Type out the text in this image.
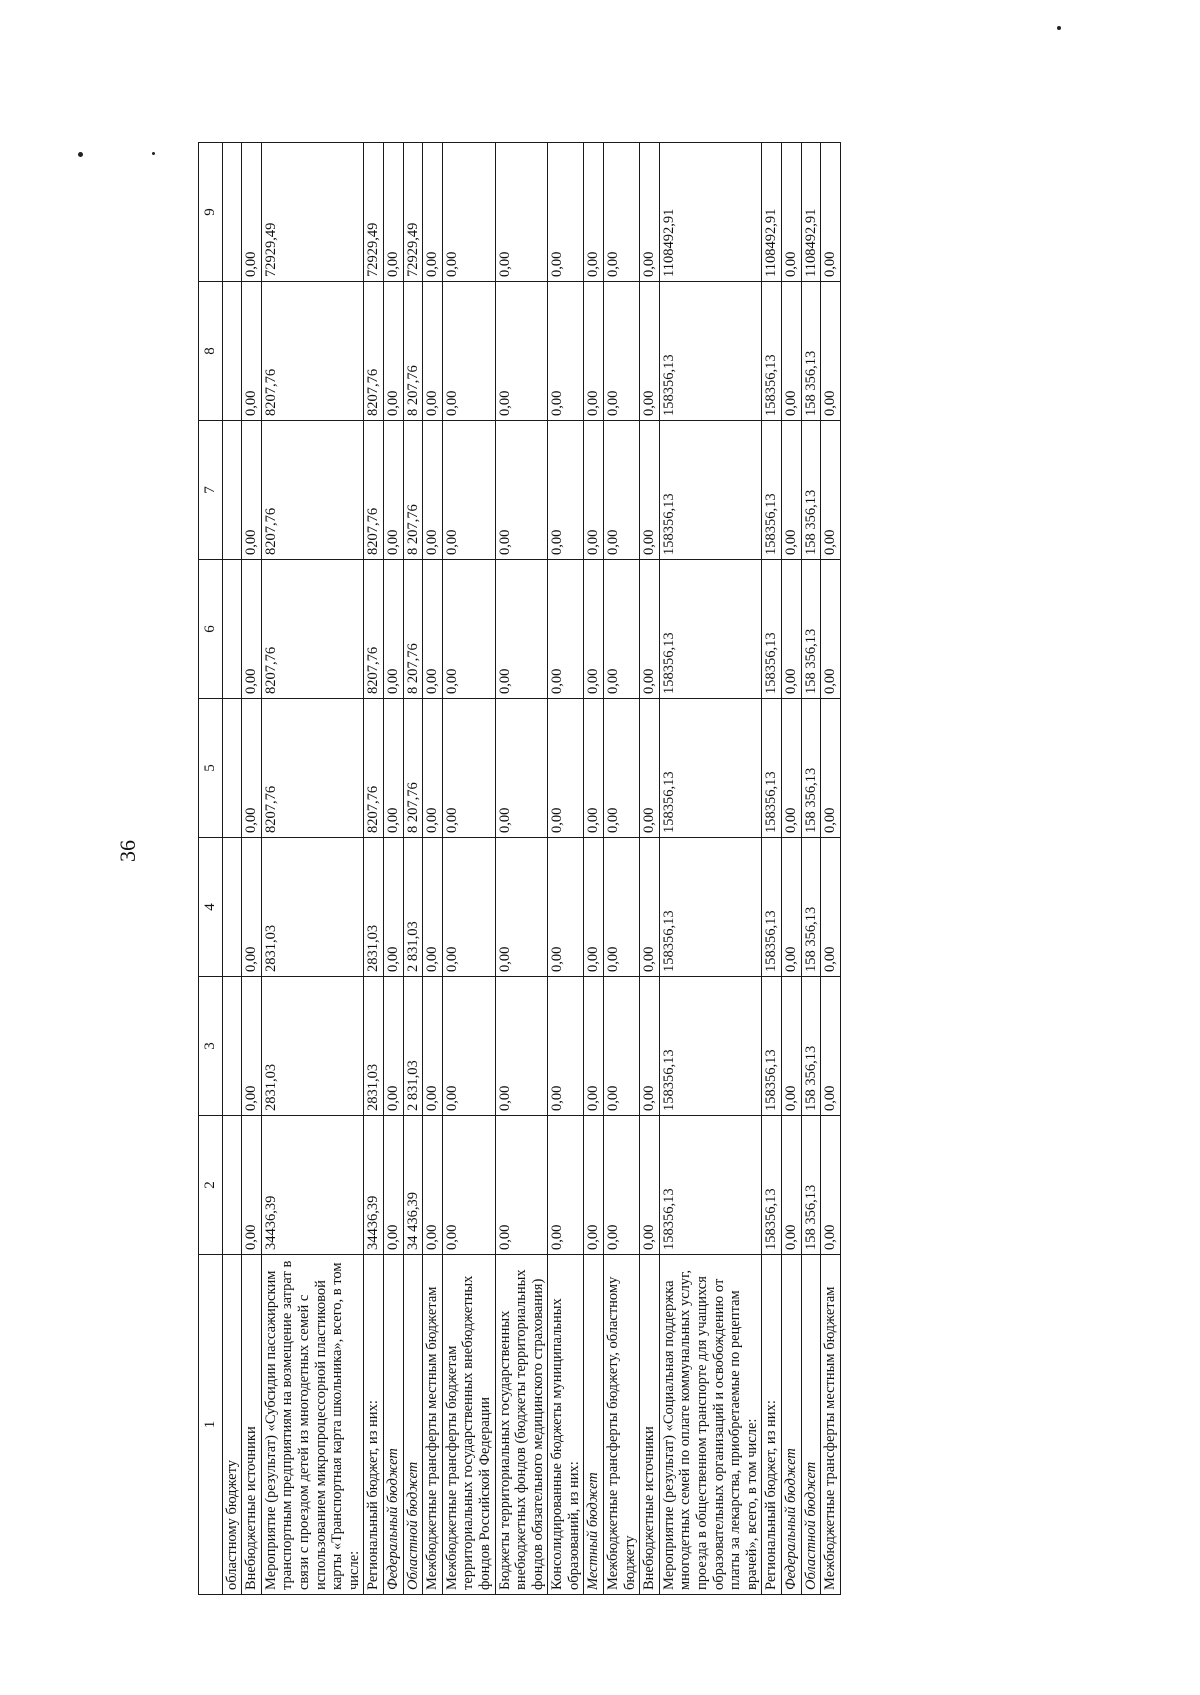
36
1	2	3	4	5	6	7	8	9
областному бюджету								
Внебюджетные источники	0,00	0,00	0,00	0,00	0,00	0,00	0,00	0,00
Мероприятие (результат) «Субсидии пассажирским транспортным предприятиям на возмещение затрат в связи с проездом детей из многодетных семей с использованием микропроцессорной пластиковой карты «Транспортная карта школьника», всего, в том числе:	34436,39	2831,03	2831,03	8207,76	8207,76	8207,76	8207,76	72929,49
Региональный бюджет, из них:	34436,39	2831,03	2831,03	8207,76	8207,76	8207,76	8207,76	72929,49
Федеральный бюджет	0,00	0,00	0,00	0,00	0,00	0,00	0,00	0,00
Областной бюджет	34 436,39	2 831,03	2 831,03	8 207,76	8 207,76	8 207,76	8 207,76	72929,49
Межбюджетные трансферты местным бюджетам	0,00	0,00	0,00	0,00	0,00	0,00	0,00	0,00
Межбюджетные трансферты бюджетам территориальных государственных внебюджетных фондов Российской Федерации	0,00	0,00	0,00	0,00	0,00	0,00	0,00	0,00
Бюджеты территориальных государственных внебюджетных фондов (бюджеты территориальных фондов обязательного медицинского страхования)	0,00	0,00	0,00	0,00	0,00	0,00	0,00	0,00
Консолидированные бюджеты муниципальных образований, из них:	0,00	0,00	0,00	0,00	0,00	0,00	0,00	0,00
Местный бюджет	0,00	0,00	0,00	0,00	0,00	0,00	0,00	0,00
Межбюджетные трансферты бюджету, областному бюджету	0,00	0,00	0,00	0,00	0,00	0,00	0,00	0,00
Внебюджетные источники	0,00	0,00	0,00	0,00	0,00	0,00	0,00	0,00
Мероприятие (результат) «Социальная поддержка многодетных семей по оплате коммунальных услуг, проезда в общественном транспорте для учащихся образовательных организаций и освобождению от платы за лекарства, приобретаемые по рецептам врачей», всего, в том числе:	158356,13	158356,13	158356,13	158356,13	158356,13	158356,13	158356,13	1108492,91
Региональный бюджет, из них:	158356,13	158356,13	158356,13	158356,13	158356,13	158356,13	158356,13	1108492,91
Федеральный бюджет	0,00	0,00	0,00	0,00	0,00	0,00	0,00	0,00
Областной бюджет	158 356,13	158 356,13	158 356,13	158 356,13	158 356,13	158 356,13	158 356,13	1108492,91
Межбюджетные трансферты местным бюджетам	0,00	0,00	0,00	0,00	0,00	0,00	0,00	0,00
